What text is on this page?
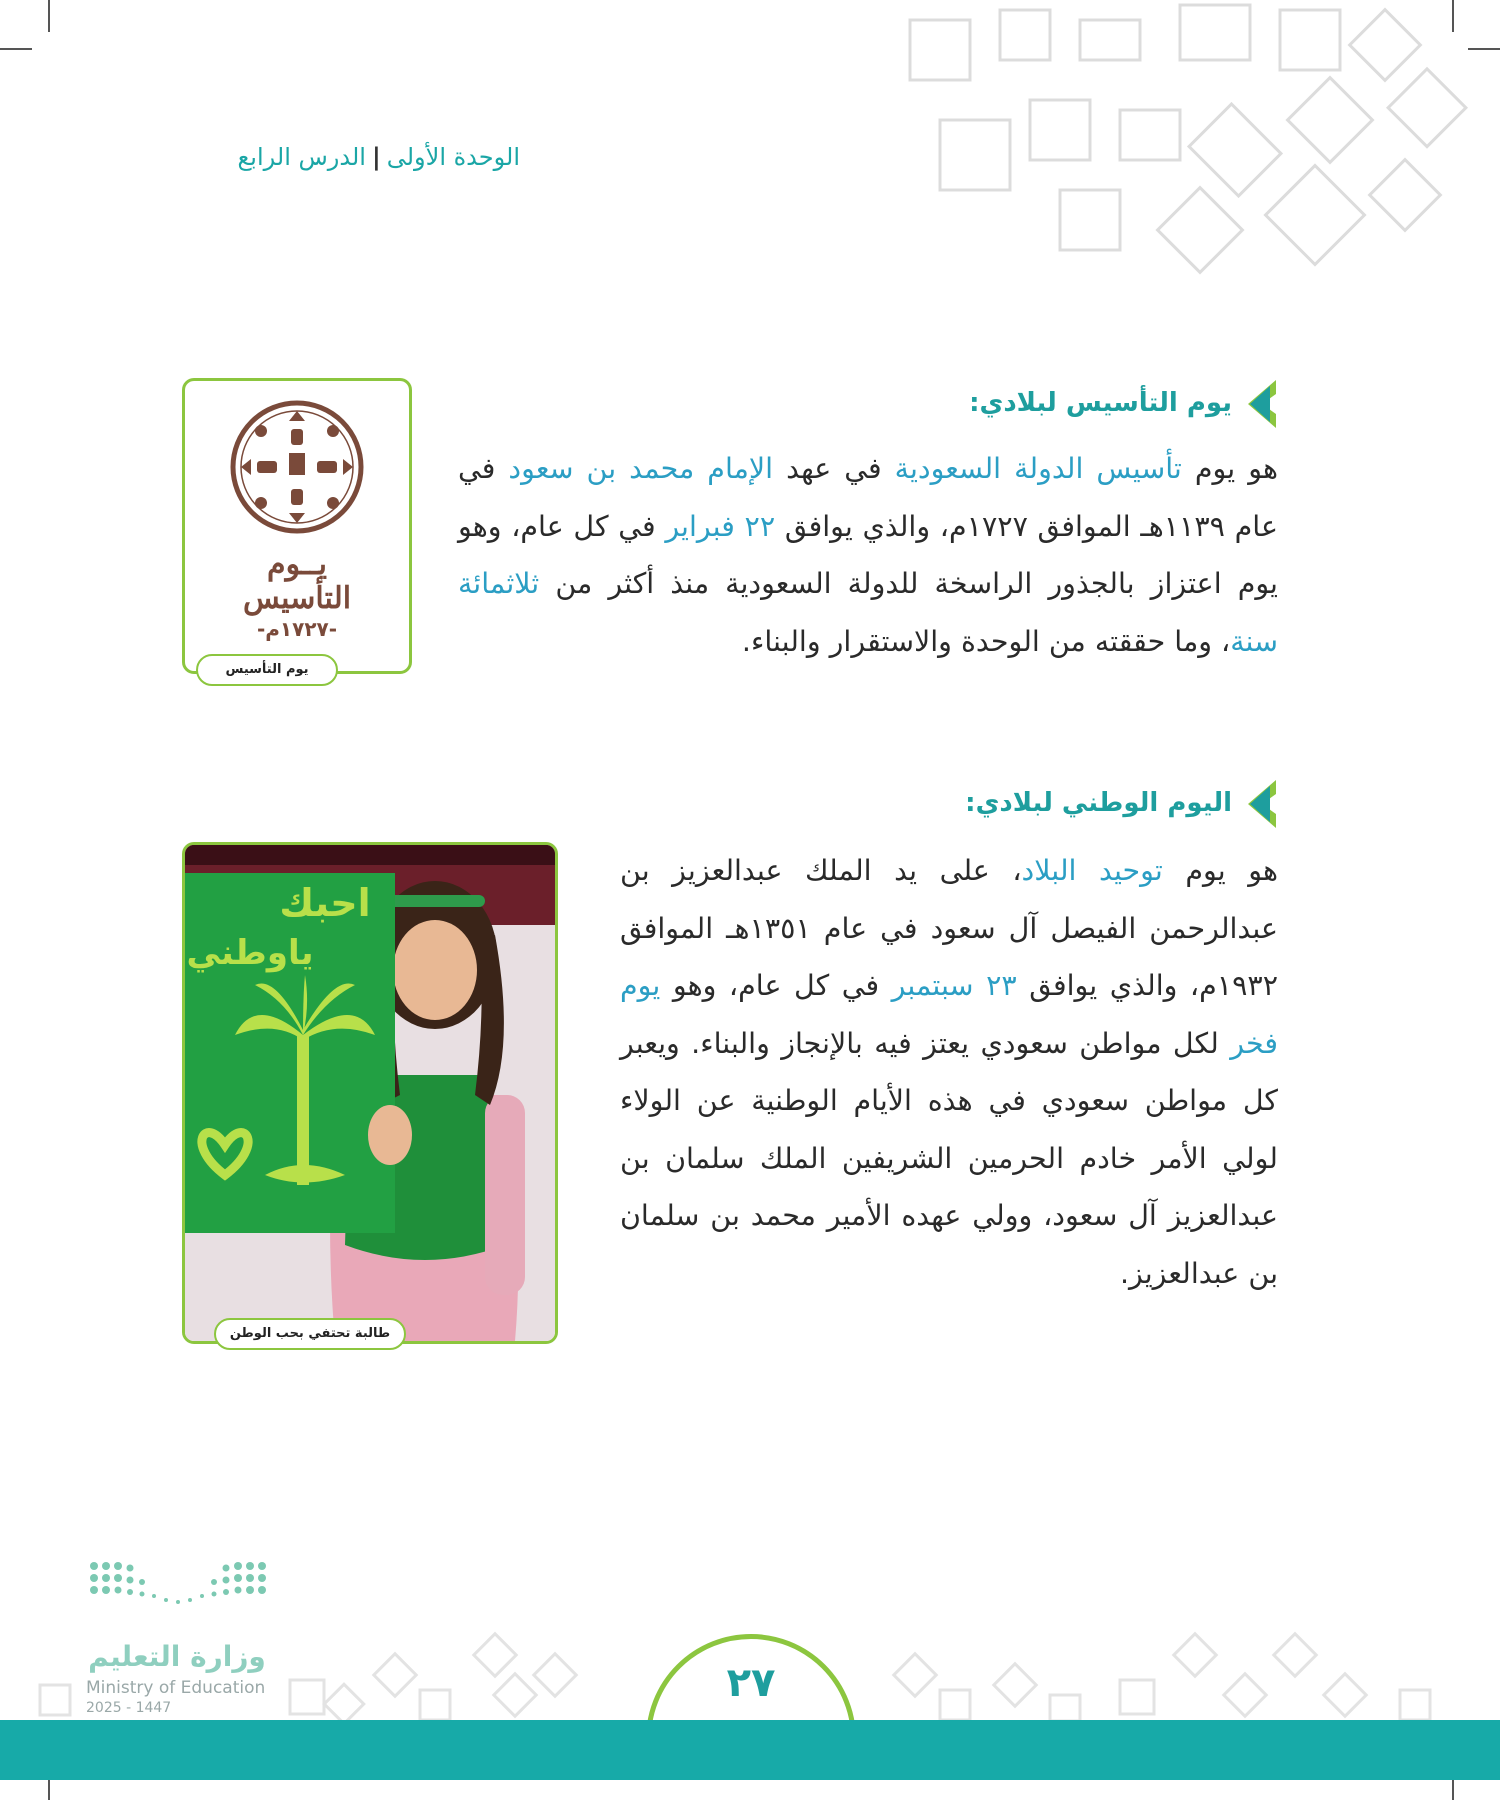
الوحدة الأولى|الدرس الرابع
يوم التأسيس لبلادي:
هو يوم تأسيس الدولة السعودية في عهد الإمام محمد بن سعود في عام ١١٣٩هـ الموافق ١٧٢٧م، والذي يوافق ٢٢ فبراير في كل عام، وهو يوم اعتزاز بالجذور الراسخة للدولة السعودية منذ أكثر من ثلاثمائة سنة، وما حققته من الوحدة والاستقرار والبناء.
يــوم
التأسيس
-١٧٢٧م-
يوم التأسيس
اليوم الوطني لبلادي:
هو يوم توحيد البلاد، على يد الملك عبدالعزيز بن عبدالرحمن الفيصل آل سعود في عام ١٣٥١هـ الموافق ١٩٣٢م، والذي يوافق ٢٣ سبتمبر في كل عام، وهو يوم فخر لكل مواطن سعودي يعتز فيه بالإنجاز والبناء. ويعبر كل مواطن سعودي في هذه الأيام الوطنية عن الولاء لولي الأمر خادم الحرمين الشريفين الملك سلمان بن عبدالعزيز آل سعود، وولي عهده الأمير محمد بن سلمان بن عبدالعزيز.
احبك
ياوطني
طالبة تحتفي بحب الوطن
وزارة التعليم
Ministry of Education
2025 - 1447
٢٧
